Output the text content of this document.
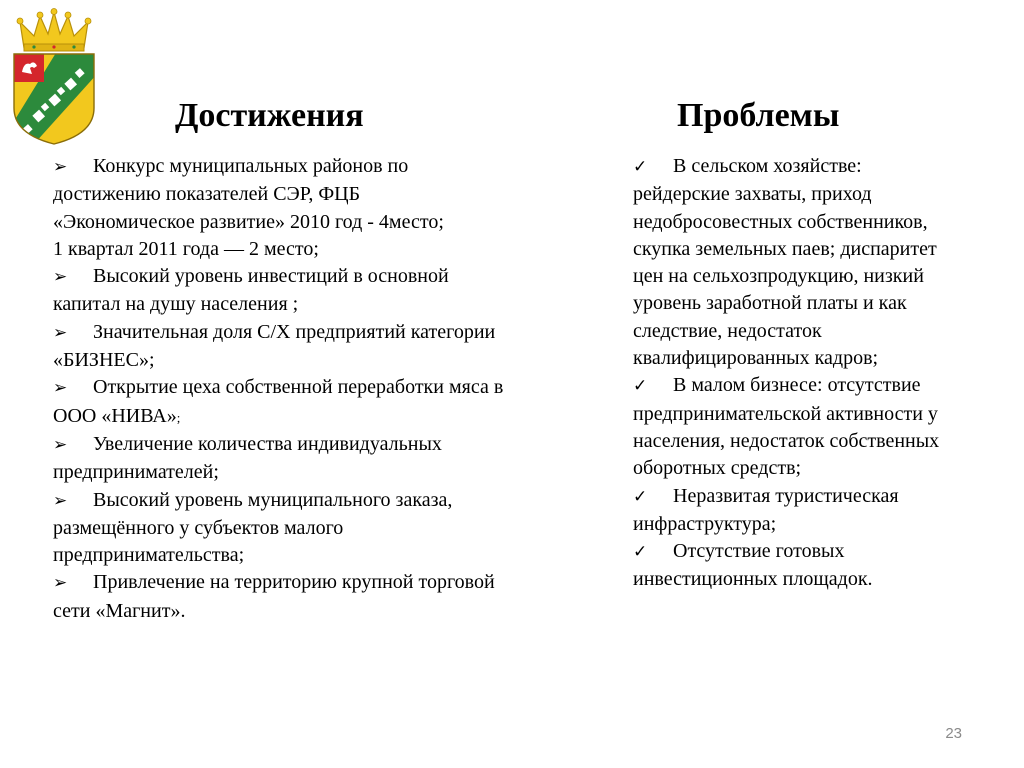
Достижения	Проблемы
➢ Конкурс муниципальных районов по
достижению показателей СЭР, ФЦБ
«Экономическое развитие» 2010 год - 4место;
1 квартал 2011 года — 2 место;
➢ Высокий уровень инвестиций в основной
капитал на душу населения ;
➢ Значительная доля С/Х предприятий категории
«БИЗНЕС»;
➢ Открытие цеха собственной переработки мяса в
ООО «НИВА»;
➢ Увеличение количества индивидуальных
предпринимателей;
➢ Высокий уровень муниципального заказа,
размещённого у субъектов малого
предпринимательства;
➢ Привлечение на территорию крупной торговой
сети «Магнит».
✓ В сельском хозяйстве:
рейдерские захваты, приход
недобросовестных собственников,
скупка земельных паев; диспаритет
цен на сельхозпродукцию, низкий
уровень заработной платы и как
следствие, недостаток
квалифицированных кадров;
✓ В малом бизнесе: отсутствие
предпринимательской активности у
населения, недостаток собственных
оборотных средств;
✓ Неразвитая туристическая
инфраструктура;
✓ Отсутствие готовых
инвестиционных площадок.
23
